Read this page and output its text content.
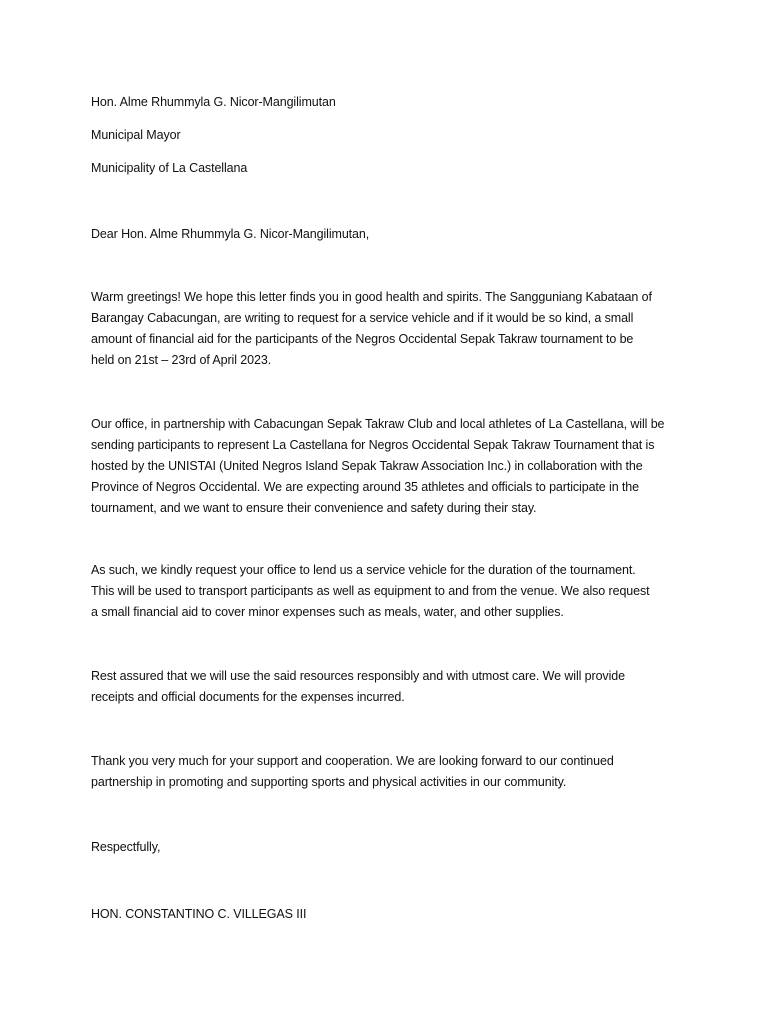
Hon. Alme Rhummyla G. Nicor-Mangilimutan
Municipal Mayor
Municipality of La Castellana
Dear Hon. Alme Rhummyla G. Nicor-Mangilimutan,
Warm greetings! We hope this letter finds you in good health and spirits. The Sangguniang Kabataan of
Barangay Cabacungan, are writing to request for a service vehicle and if it would be so kind, a small
amount of financial aid for the participants of the Negros Occidental Sepak Takraw tournament to be
held on 21st – 23rd of April 2023.
Our office, in partnership with Cabacungan Sepak Takraw Club and local athletes of La Castellana, will be
sending participants to represent La Castellana for Negros Occidental Sepak Takraw Tournament that is
hosted by the UNISTAI (United Negros Island Sepak Takraw Association Inc.) in collaboration with the
Province of Negros Occidental. We are expecting around 35 athletes and officials to participate in the
tournament, and we want to ensure their convenience and safety during their stay.
As such, we kindly request your office to lend us a service vehicle for the duration of the tournament.
This will be used to transport participants as well as equipment to and from the venue. We also request
a small financial aid to cover minor expenses such as meals, water, and other supplies.
Rest assured that we will use the said resources responsibly and with utmost care. We will provide
receipts and official documents for the expenses incurred.
Thank you very much for your support and cooperation. We are looking forward to our continued
partnership in promoting and supporting sports and physical activities in our community.
Respectfully,
HON. CONSTANTINO C. VILLEGAS III
